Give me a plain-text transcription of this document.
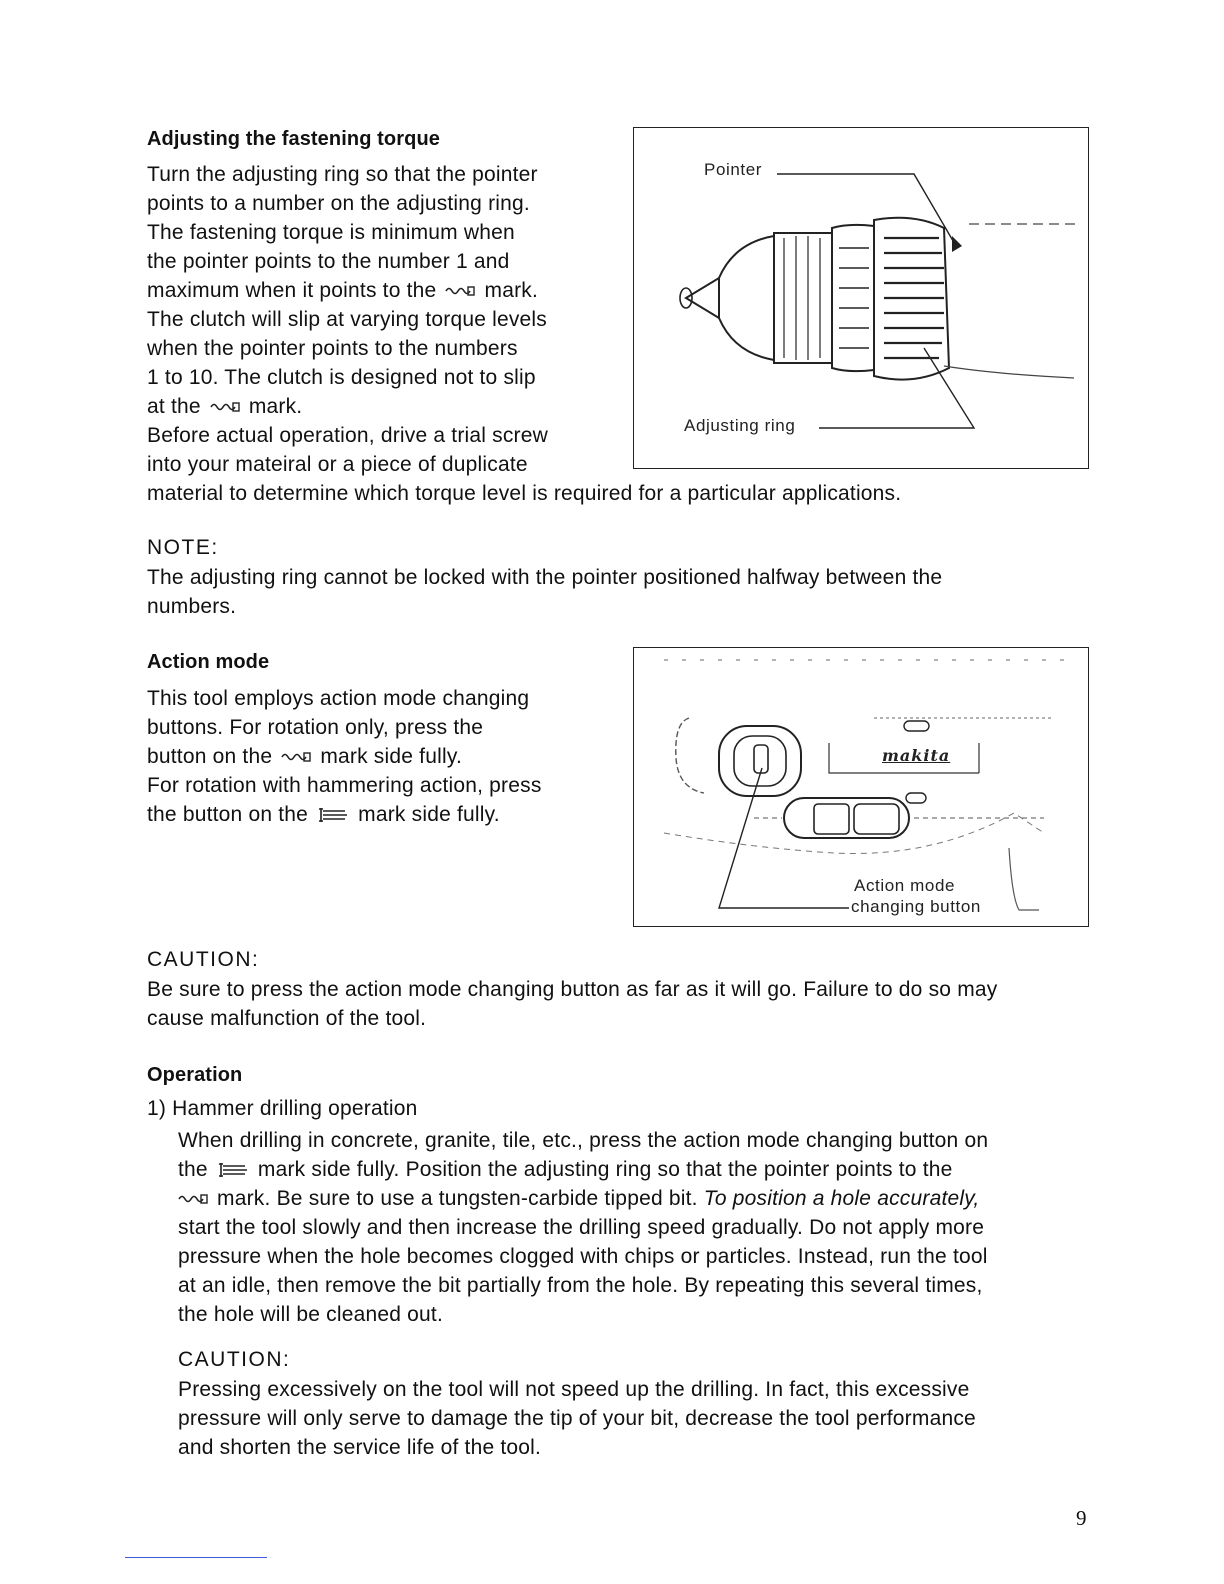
Adjusting the fastening torque
Turn the adjusting ring so that the pointer
points to a number on the adjusting ring.
The fastening torque is minimum when
the pointer points to the number 1 and
maximum when it points to the mark.
The clutch will slip at varying torque levels
when the pointer points to the numbers
1 to 10. The clutch is designed not to slip
at the mark.
Before actual operation, drive a trial screw
into your mateiral or a piece of duplicate
material to determine which torque level is required for a particular applications.
Pointer
Adjusting ring
NOTE:
The adjusting ring cannot be locked with the pointer positioned halfway between the
numbers.
Action mode
This tool employs action mode changing
buttons. For rotation only, press the
button on the mark side fully.
For rotation with hammering action, press
the button on the mark side fully.
makita
Action mode
changing button
CAUTION:
Be sure to press the action mode changing button as far as it will go. Failure to do so may
cause malfunction of the tool.
Operation
1) Hammer drilling operation
When drilling in concrete, granite, tile, etc., press the action mode changing button on
the mark side fully. Position the adjusting ring so that the pointer points to the
mark. Be sure to use a tungsten-carbide tipped bit. To position a hole accurately,
start the tool slowly and then increase the drilling speed gradually. Do not apply more
pressure when the hole becomes clogged with chips or particles. Instead, run the tool
at an idle, then remove the bit partially from the hole. By repeating this several times,
the hole will be cleaned out.
CAUTION:
Pressing excessively on the tool will not speed up the drilling. In fact, this excessive
pressure will only serve to damage the tip of your bit, decrease the tool performance
and shorten the service life of the tool.
9
